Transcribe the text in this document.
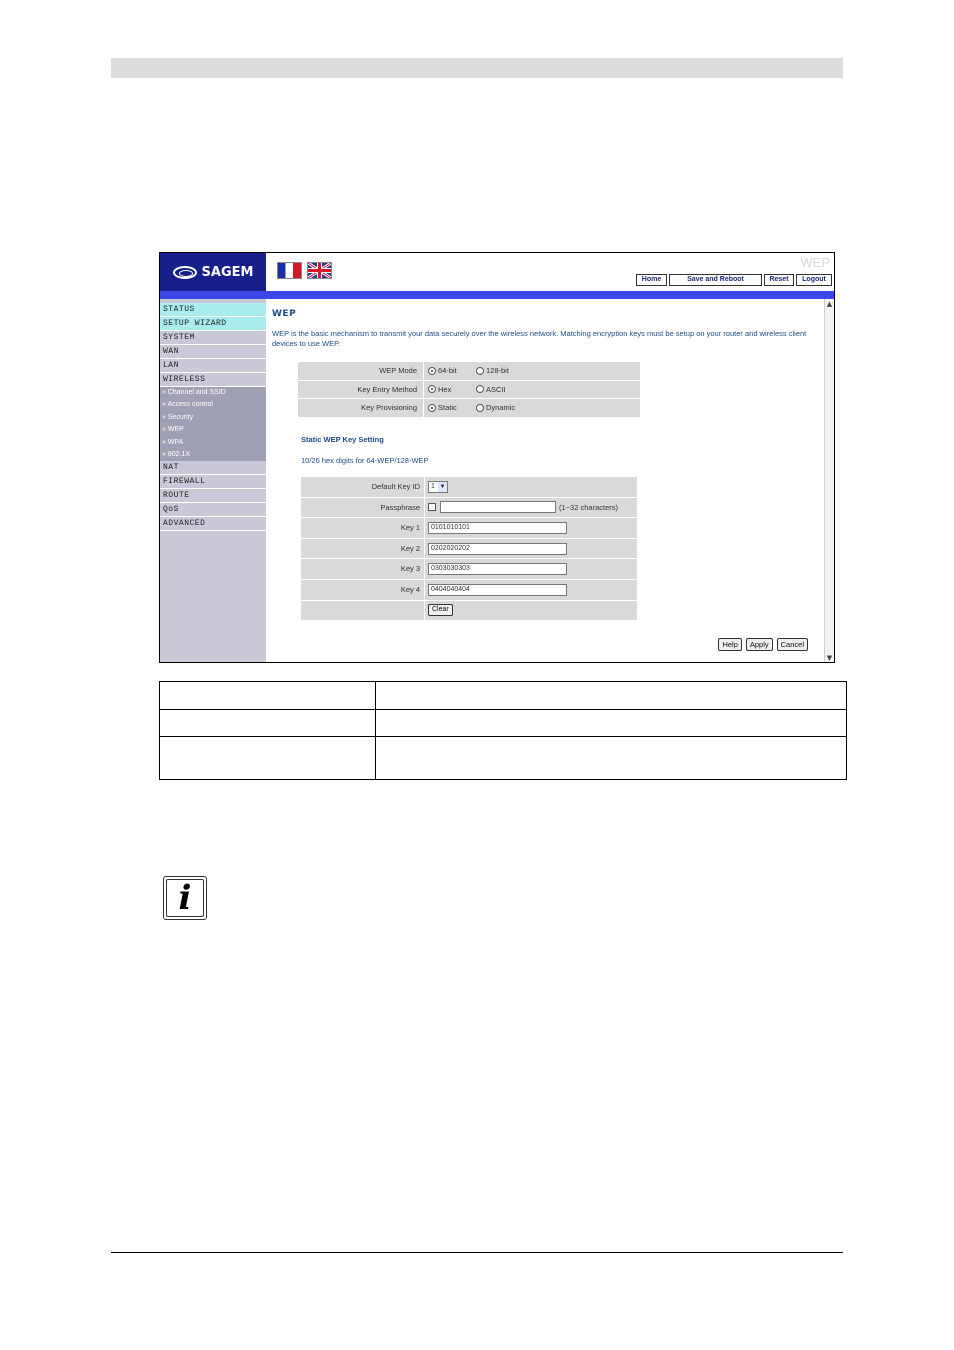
SAGEM
WEP
Home	Save and Reboot	Reset	Logout
STATUS
SETUP WIZARD
SYSTEM
WAN
LAN
WIRELESS
» Channel and SSID
» Access control
» Security
» WEP
» WPA
» 802.1X
NAT
FIREWALL
ROUTE
QoS
ADVANCED
WEP
WEP is the basic mechanism to transmit your data securely over the wireless network. Matching encryption keys must be setup on your router and wireless client devices to use WEP.
WEP Mode	64-bit	128-bit
Key Entry Method	Hex	ASCII
Key Provisioning	Static	Dynamic
Static WEP Key Setting
10/26 hex digits for 64-WEP/128-WEP
Default Key ID	1 ▼
Passphrase	(1~32 characters)
Key 1	0101010101
Key 2	0202020202
Key 3	0303030303
Key 4	0404040404
Clear
Help	Apply	Cancel
▲
▼

i
